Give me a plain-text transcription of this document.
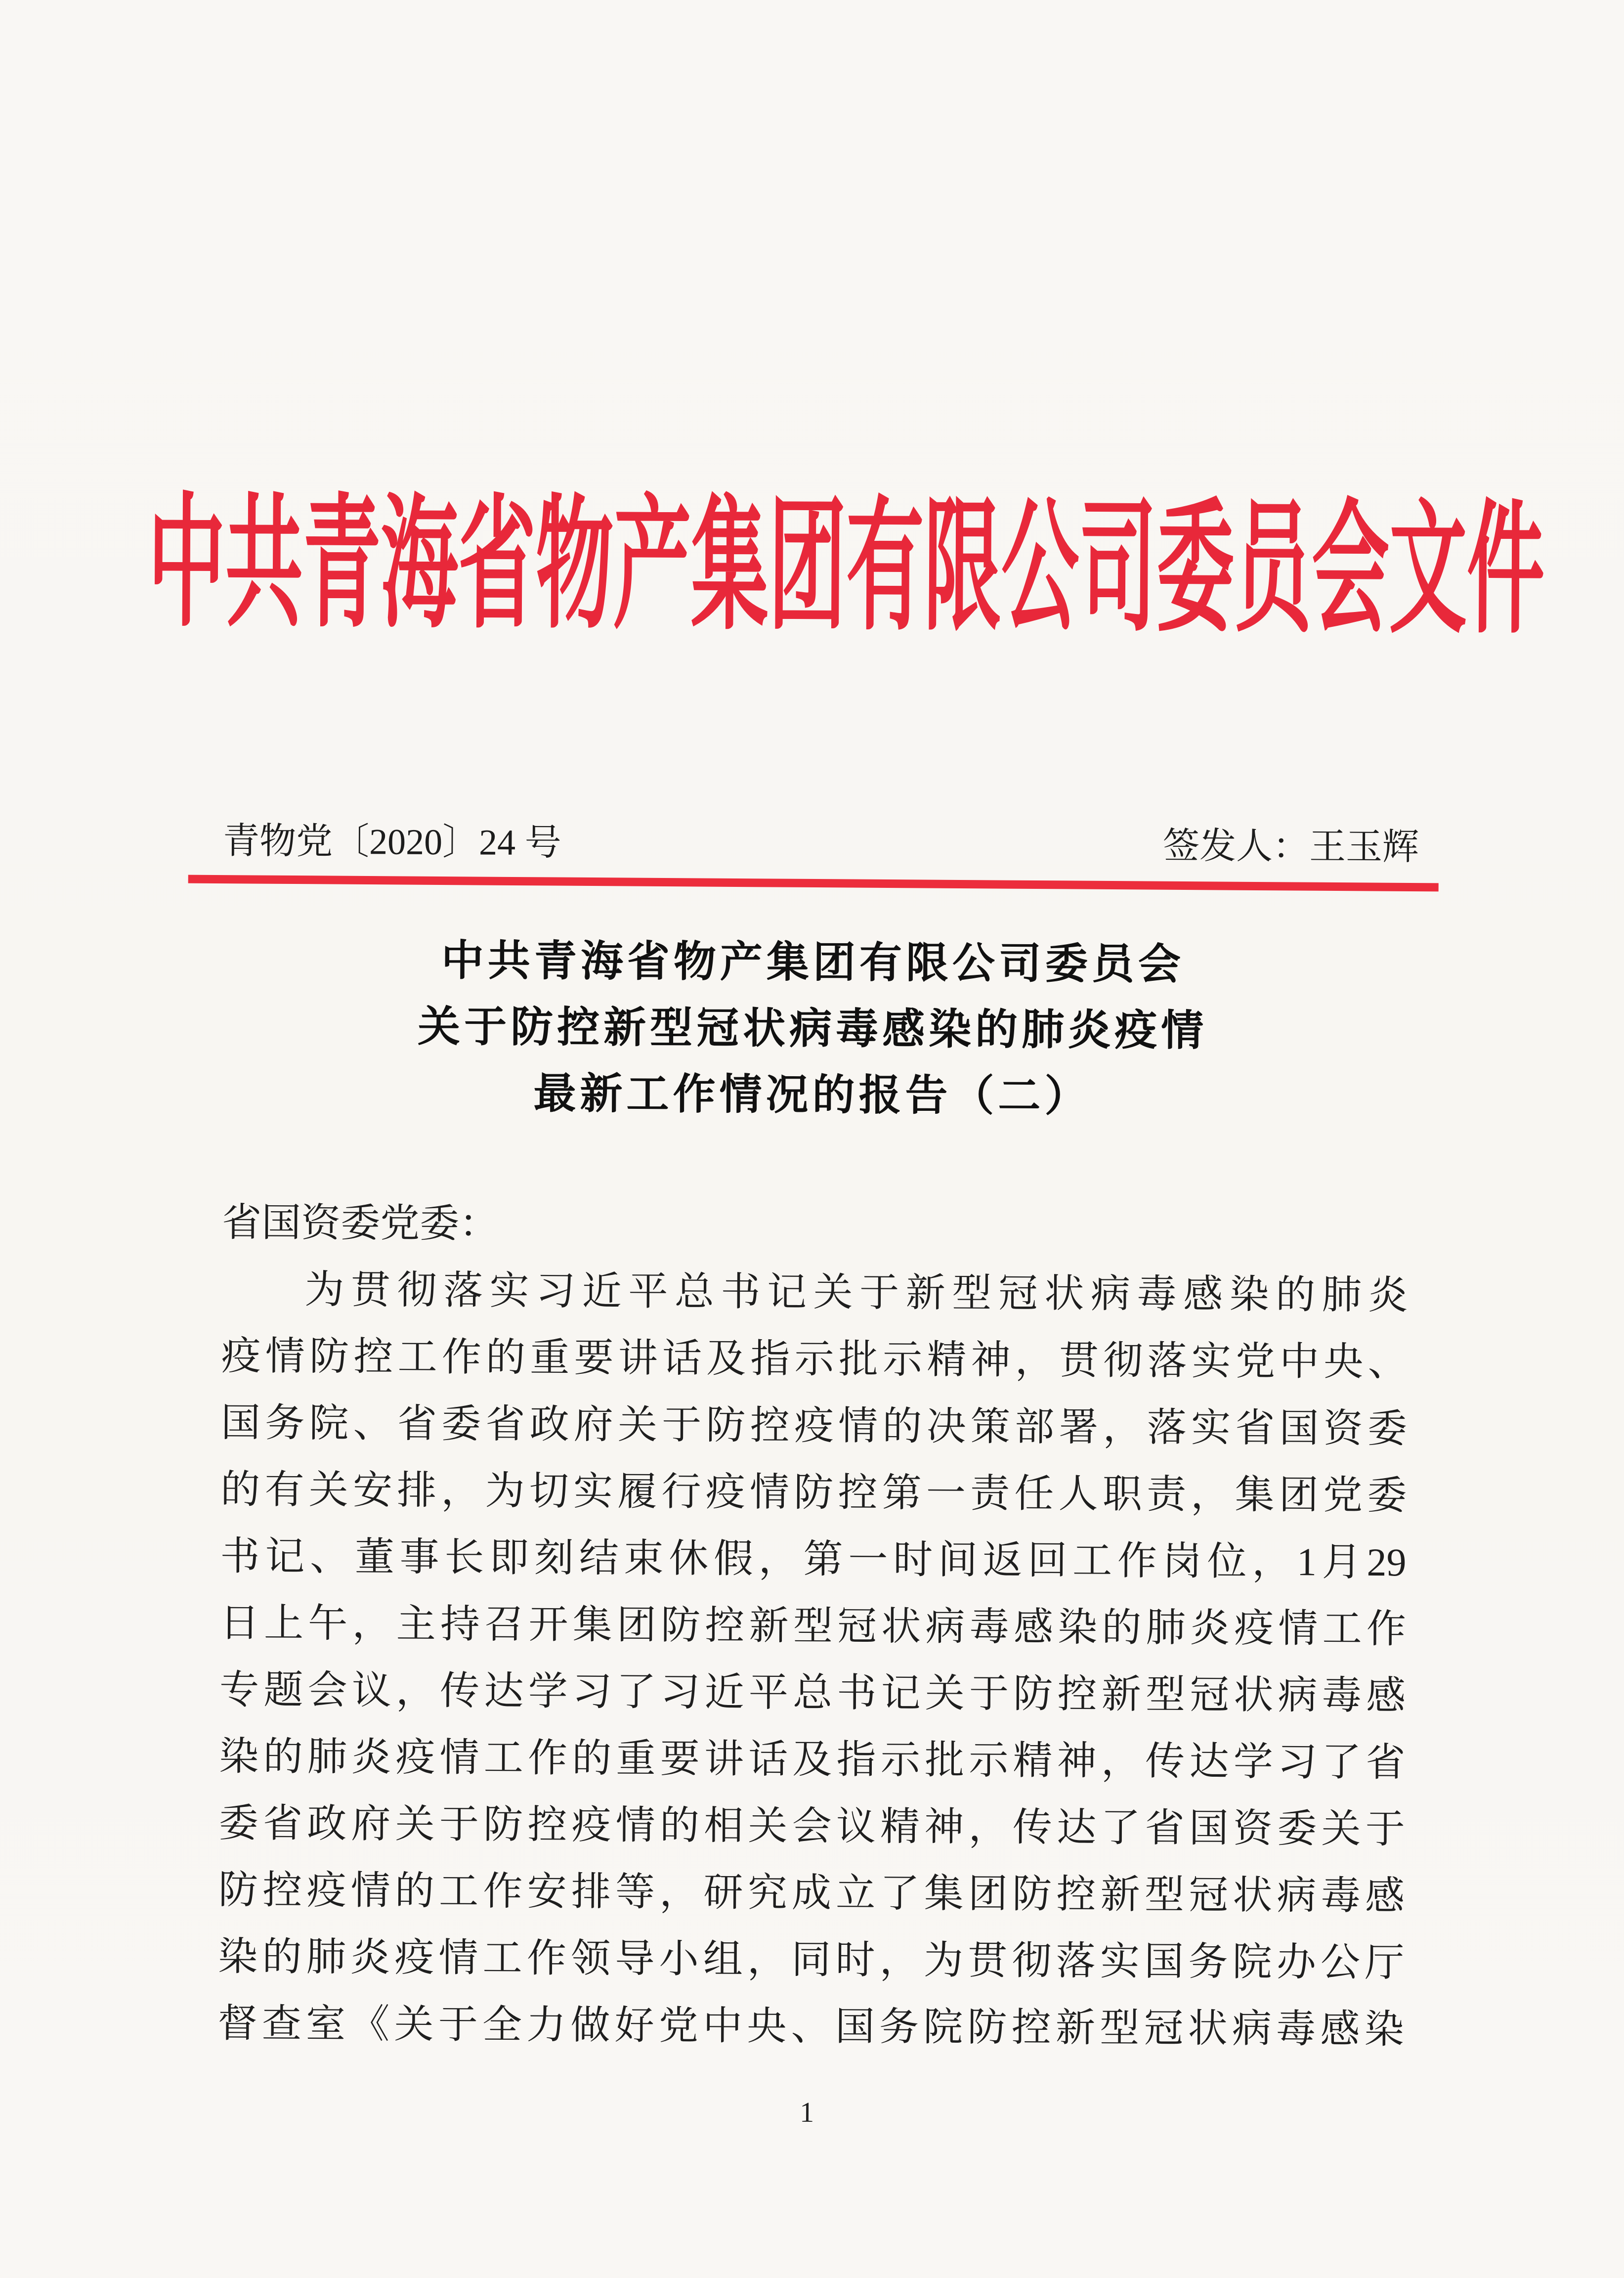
中共青海省物产集团有限公司委员会文件
青物党〔2020〕24 号	签发人：王玉辉
中共青海省物产集团有限公司委员会
关于防控新型冠状病毒感染的肺炎疫情
最新工作情况的报告（二）
省国资委党委：
为贯彻落实习近平总书记关于新型冠状病毒感染的肺炎
疫情防控工作的重要讲话及指示批示精神，贯彻落实党中央、
国务院、省委省政府关于防控疫情的决策部署，落实省国资委
的有关安排，为切实履行疫情防控第一责任人职责，集团党委
书记、董事长即刻结束休假，第一时间返回工作岗位，1月29
日上午，主持召开集团防控新型冠状病毒感染的肺炎疫情工作
专题会议，传达学习了习近平总书记关于防控新型冠状病毒感
染的肺炎疫情工作的重要讲话及指示批示精神，传达学习了省
委省政府关于防控疫情的相关会议精神，传达了省国资委关于
防控疫情的工作安排等，研究成立了集团防控新型冠状病毒感
染的肺炎疫情工作领导小组，同时，为贯彻落实国务院办公厅
督查室《关于全力做好党中央、国务院防控新型冠状病毒感染
1
